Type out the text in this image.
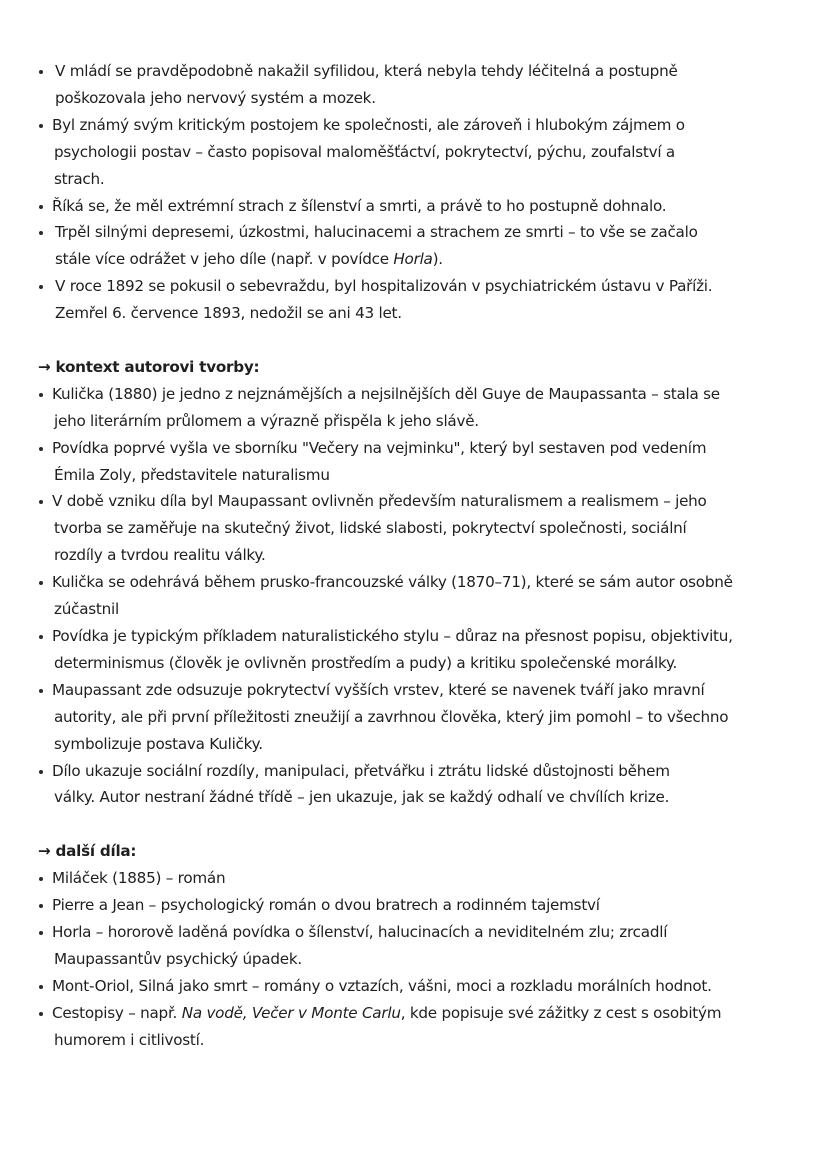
V mládí se pravděpodobně nakažil syfilidou, která nebyla tehdy léčitelná a postupně
poškozovala jeho nervový systém a mozek.
Byl známý svým kritickým postojem ke společnosti, ale zároveň i hlubokým zájmem o
psychologii postav – často popisoval maloměšťáctví, pokrytectví, pýchu, zoufalství a
strach.
Říká se, že měl extrémní strach z šílenství a smrti, a právě to ho postupně dohnalo.
Trpěl silnými depresemi, úzkostmi, halucinacemi a strachem ze smrti – to vše se začalo
stále více odrážet v jeho díle (např. v povídce Horla).
V roce 1892 se pokusil o sebevraždu, byl hospitalizován v psychiatrickém ústavu v Paříži.
Zemřel 6. července 1893, nedožil se ani 43 let.
→ kontext autorovi tvorby:
Kulička (1880) je jedno z nejznámějších a nejsilnějších děl Guye de Maupassanta – stala se
jeho literárním průlomem a výrazně přispěla k jeho slávě.
Povídka poprvé vyšla ve sborníku "Večery na vejminku", který byl sestaven pod vedením
Émila Zoly, představitele naturalismu
V době vzniku díla byl Maupassant ovlivněn především naturalismem a realismem – jeho
tvorba se zaměřuje na skutečný život, lidské slabosti, pokrytectví společnosti, sociální
rozdíly a tvrdou realitu války.
Kulička se odehrává během prusko-francouzské války (1870–71), které se sám autor osobně
zúčastnil
Povídka je typickým příkladem naturalistického stylu – důraz na přesnost popisu, objektivitu,
determinismus (člověk je ovlivněn prostředím a pudy) a kritiku společenské morálky.
Maupassant zde odsuzuje pokrytectví vyšších vrstev, které se navenek tváří jako mravní
autority, ale při první příležitosti zneužijí a zavrhnou člověka, který jim pomohl – to všechno
symbolizuje postava Kuličky.
Dílo ukazuje sociální rozdíly, manipulaci, přetvářku i ztrátu lidské důstojnosti během
války. Autor nestraní žádné třídě – jen ukazuje, jak se každý odhalí ve chvílích krize.
→ další díla:
Miláček (1885) – román
Pierre a Jean – psychologický román o dvou bratrech a rodinném tajemství
Horla – hororově laděná povídka o šílenství, halucinacích a neviditelném zlu; zrcadlí
Maupassantův psychický úpadek.
Mont-Oriol, Silná jako smrt – romány o vztazích, vášni, moci a rozkladu morálních hodnot.
Cestopisy – např. Na vodě, Večer v Monte Carlu, kde popisuje své zážitky z cest s osobitým
humorem i citlivostí.
